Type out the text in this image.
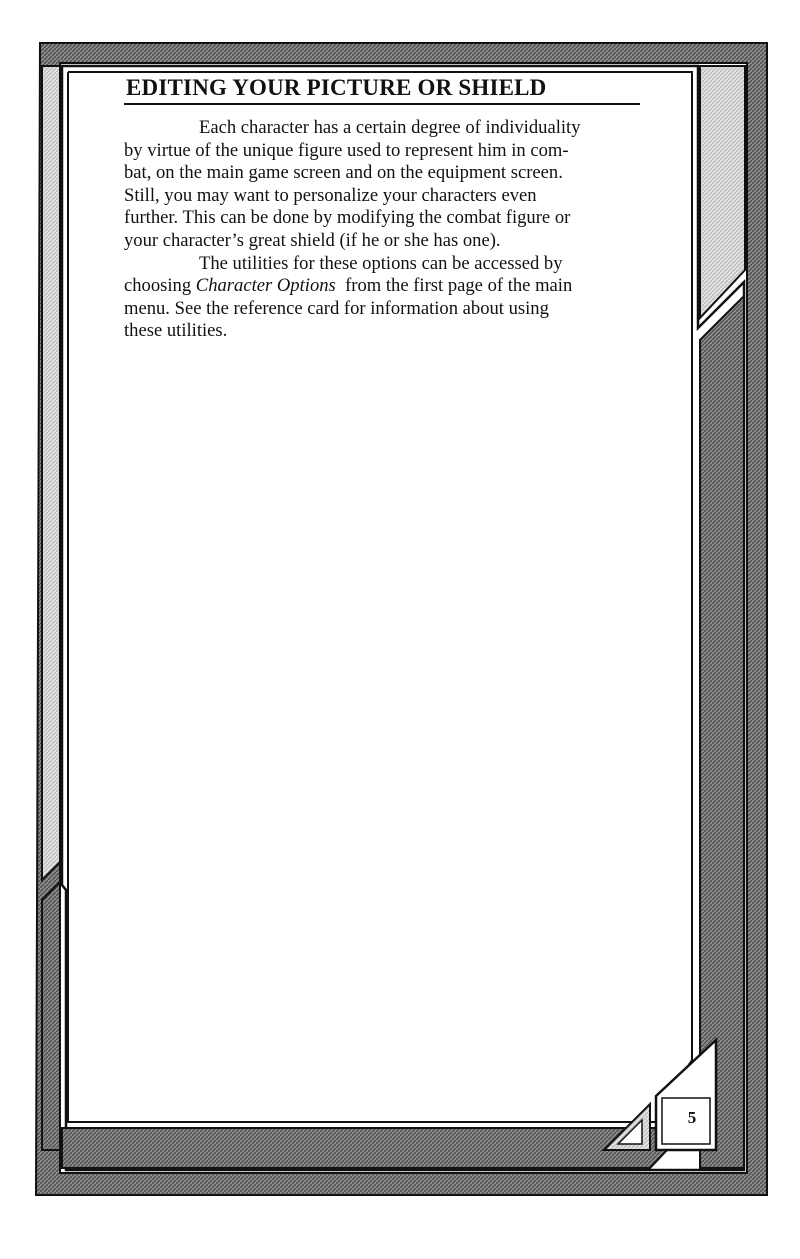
EDITING YOUR PICTURE OR SHIELD

Each character has a certain degree of individuality
by virtue of the unique figure used to represent him in com-
bat, on the main game screen and on the equipment screen.
Still, you may want to personalize your characters even
further. This can be done by modifying the combat figure or
your character’s great shield (if he or she has one).

The utilities for these options can be accessed by
choosing Character Options  from the first page of the main
menu. See the reference card for information about using
these utilities.

5
